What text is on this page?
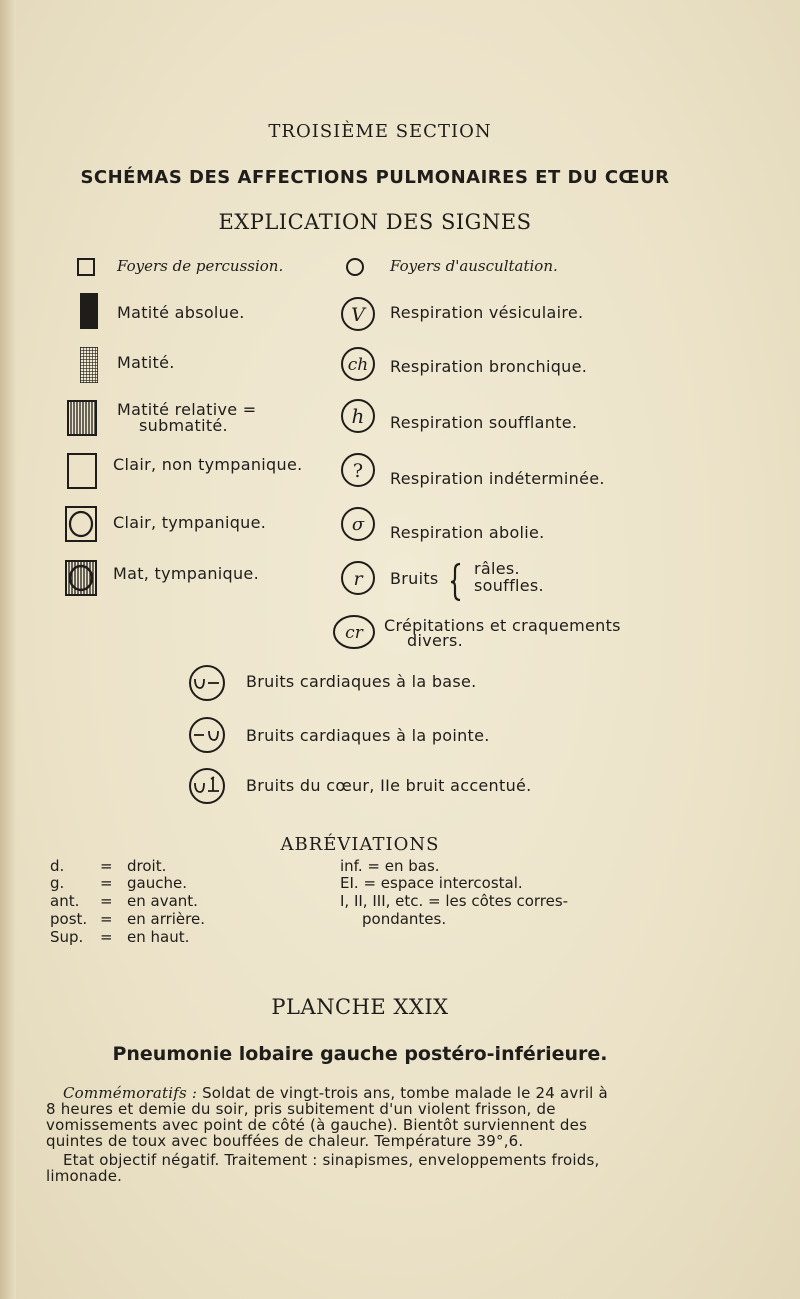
TROISIÈME SECTION
SCHÉMAS DES AFFECTIONS PULMONAIRES ET DU CŒUR
EXPLICATION DES SIGNES
Foyers de percussion.
Matité absolue.
Matité.
Matité relative =
submatité.
Clair, non tympanique.
Clair, tympanique.
Mat, tympanique.
Foyers d'auscultation.
V Respiration vésiculaire.
ch Respiration bronchique.
h Respiration soufflante.
? Respiration indéterminée.
σ Respiration abolie.
r Bruits
râles.
souffles.
cr Crépitations et craquements
divers.
Bruits cardiaques à la base.
Bruits cardiaques à la pointe.
Bruits du cœur, IIe bruit accentué.
ABRÉVIATIONS
d. = droit.
g. = gauche.
ant. = en avant.
post. = en arrière.
Sup. = en haut.
inf. = en bas.
EI. = espace intercostal.
I, II, III, etc. = les côtes corres-
pondantes.
PLANCHE XXIX
Pneumonie lobaire gauche postéro-inférieure.
Commémoratifs : Soldat de vingt-trois ans, tombe malade le 24 avril à
8 heures et demie du soir, pris subitement d'un violent frisson, de
vomissements avec point de côté (à gauche). Bientôt surviennent des
quintes de toux avec bouffées de chaleur. Température 39°,6.
Etat objectif négatif. Traitement : sinapismes, enveloppements froids,
limonade.
